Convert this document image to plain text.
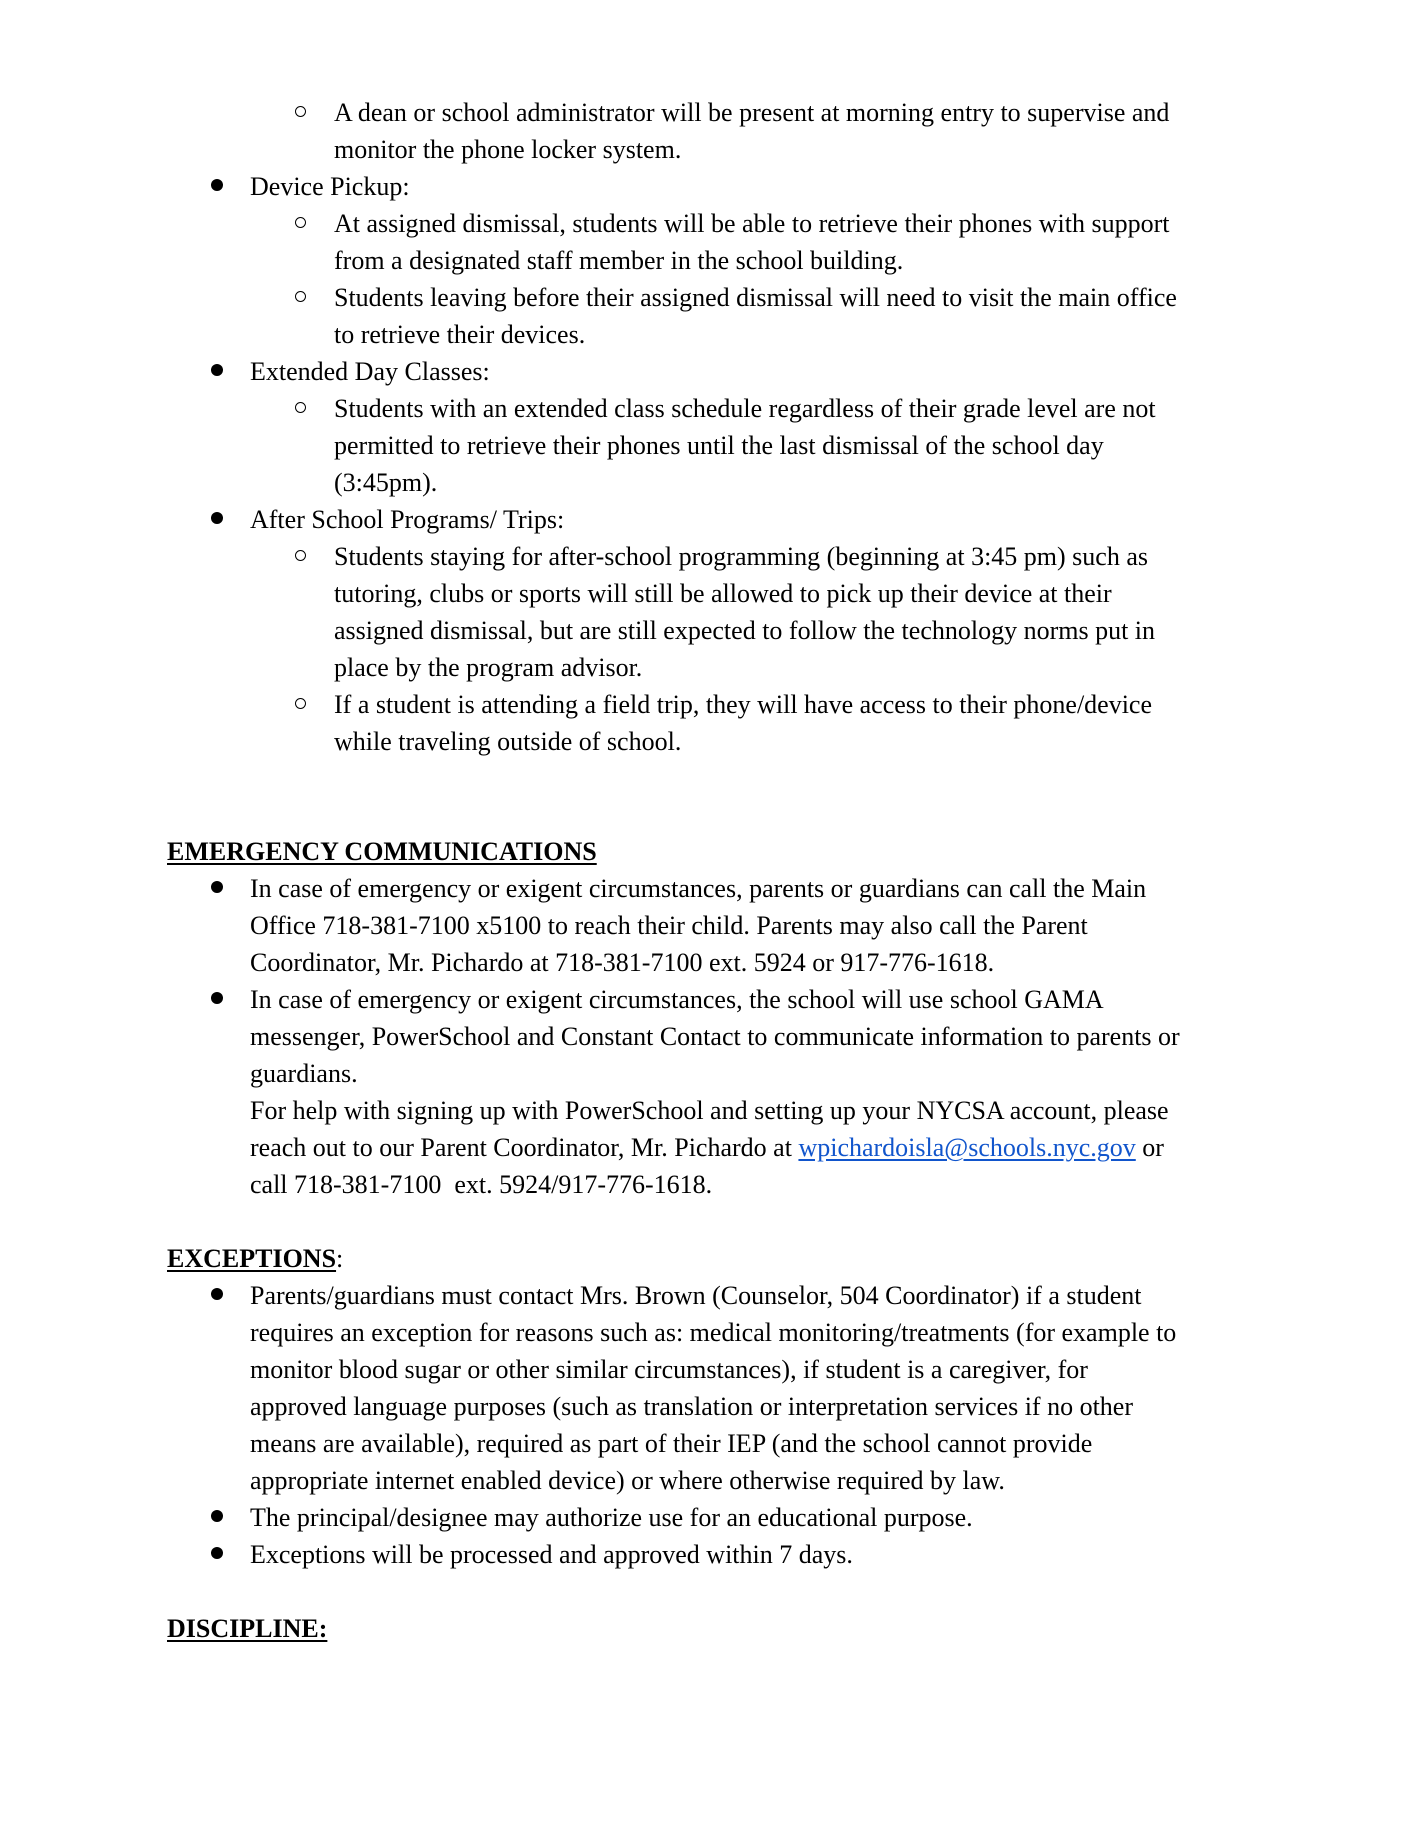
A dean or school administrator will be present at morning entry to supervise and
monitor the phone locker system.
Device Pickup:
At assigned dismissal, students will be able to retrieve their phones with support
from a designated staff member in the school building.
Students leaving before their assigned dismissal will need to visit the main office
to retrieve their devices.
Extended Day Classes:
Students with an extended class schedule regardless of their grade level are not
permitted to retrieve their phones until the last dismissal of the school day
(3:45pm).
After School Programs/ Trips:
Students staying for after-school programming (beginning at 3:45 pm) such as
tutoring, clubs or sports will still be allowed to pick up their device at their
assigned dismissal, but are still expected to follow the technology norms put in
place by the program advisor.
If a student is attending a field trip, they will have access to their phone/device
while traveling outside of school.
EMERGENCY COMMUNICATIONS
In case of emergency or exigent circumstances, parents or guardians can call the Main
Office 718-381-7100 x5100 to reach their child. Parents may also call the Parent
Coordinator, Mr. Pichardo at 718-381-7100 ext. 5924 or 917-776-1618.
In case of emergency or exigent circumstances, the school will use school GAMA
messenger, PowerSchool and Constant Contact to communicate information to parents or
guardians.
For help with signing up with PowerSchool and setting up your NYCSA account, please
reach out to our Parent Coordinator, Mr. Pichardo at wpichardoisla@schools.nyc.gov or
call 718-381-7100  ext. 5924/917-776-1618.
EXCEPTIONS:
Parents/guardians must contact Mrs. Brown (Counselor, 504 Coordinator) if a student
requires an exception for reasons such as: medical monitoring/treatments (for example to
monitor blood sugar or other similar circumstances), if student is a caregiver, for
approved language purposes (such as translation or interpretation services if no other
means are available), required as part of their IEP (and the school cannot provide
appropriate internet enabled device) or where otherwise required by law.
The principal/designee may authorize use for an educational purpose.
Exceptions will be processed and approved within 7 days.
DISCIPLINE:
